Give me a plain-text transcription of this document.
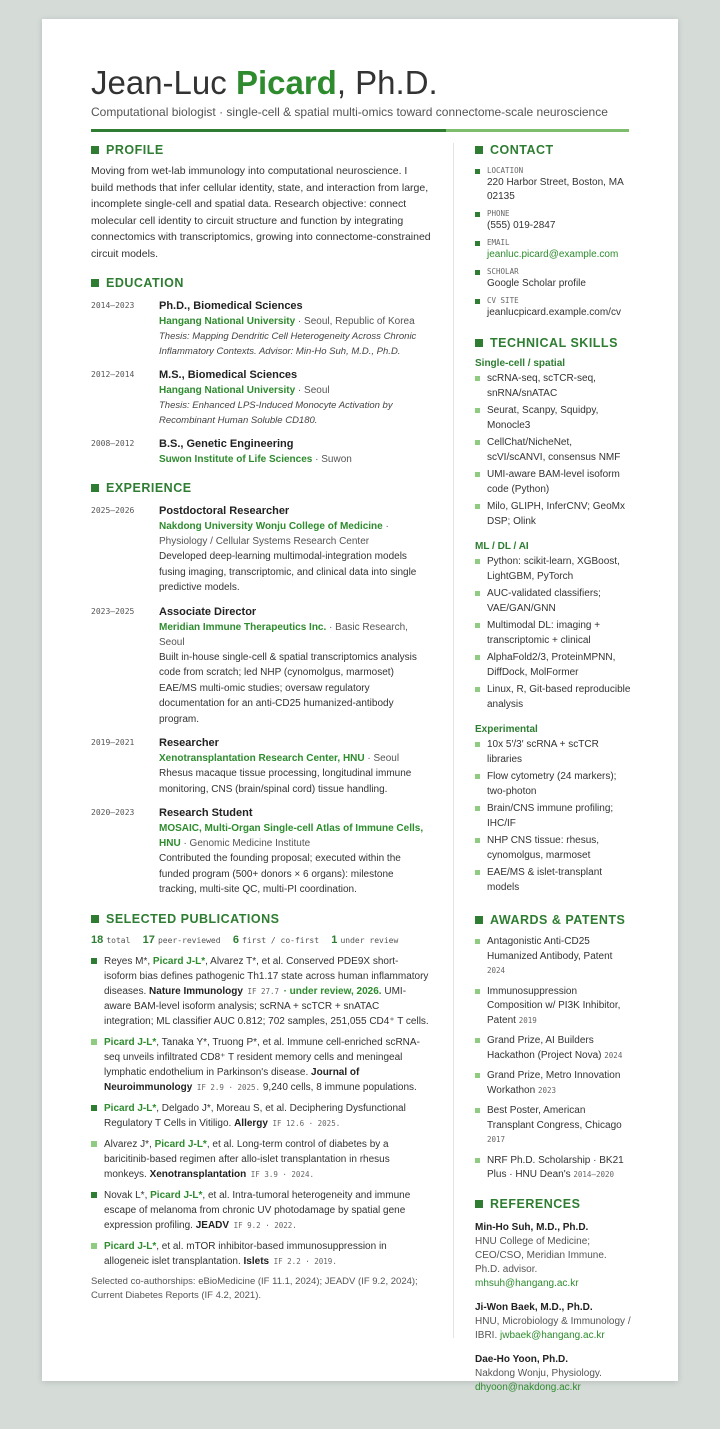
Jean-Luc Picard, Ph.D.
Computational biologist · single-cell & spatial multi-omics toward connectome-scale neuroscience
PROFILE
Moving from wet-lab immunology into computational neuroscience. I build methods that infer cellular identity, state, and interaction from large, incomplete single-cell and spatial data. Research objective: connect molecular cell identity to circuit structure and function by integrating connectomics with transcriptomics, growing into connectome-constrained circuit models.
EDUCATION
2014–2023	Ph.D., Biomedical Sciences
Hangang National University · Seoul, Republic of Korea
Thesis: Mapping Dendritic Cell Heterogeneity Across Chronic Inflammatory Contexts. Advisor: Min-Ho Suh, M.D., Ph.D.
2012–2014	M.S., Biomedical Sciences
Hangang National University · Seoul
Thesis: Enhanced LPS-Induced Monocyte Activation by Recombinant Human Soluble CD180.
2008–2012	B.S., Genetic Engineering
Suwon Institute of Life Sciences · Suwon
EXPERIENCE
2025–2026	Postdoctoral Researcher
Nakdong University Wonju College of Medicine · Physiology / Cellular Systems Research Center
Developed deep-learning multimodal-integration models fusing imaging, transcriptomic, and clinical data into single predictive models.
2023–2025	Associate Director
Meridian Immune Therapeutics Inc. · Basic Research, Seoul
Built in-house single-cell & spatial transcriptomics analysis code from scratch; led NHP (cynomolgus, marmoset) EAE/MS multi-omic studies; oversaw regulatory documentation for an anti-CD25 humanized-antibody program.
2019–2021	Researcher
Xenotransplantation Research Center, HNU · Seoul
Rhesus macaque tissue processing, longitudinal immune monitoring, CNS (brain/spinal cord) tissue handling.
2020–2023	Research Student
MOSAIC, Multi-Organ Single-cell Atlas of Immune Cells, HNU · Genomic Medicine Institute
Contributed the founding proposal; executed within the funded program (500+ donors × 6 organs): milestone tracking, multi-site QC, multi-PI coordination.
SELECTED PUBLICATIONS
18 total 17 peer-reviewed 6 first / co-first 1 under review
Reyes M*, Picard J-L*, Alvarez T*, et al. Conserved PDE9X short-isoform bias defines pathogenic Th1.17 state across human inflammatory diseases. Nature Immunology IF 27.7 · under review, 2026. UMI-aware BAM-level isoform analysis; scRNA + scTCR + snATAC integration; ML classifier AUC 0.812; 702 samples, 251,055 CD4⁺ T cells.
Picard J-L*, Tanaka Y*, Truong P*, et al. Immune cell-enriched scRNA-seq unveils infiltrated CD8⁺ T resident memory cells and meningeal lymphatic endothelium in Parkinson's disease. Journal of Neuroimmunology IF 2.9 · 2025. 9,240 cells, 8 immune populations.
Picard J-L*, Delgado J*, Moreau S, et al. Deciphering Dysfunctional Regulatory T Cells in Vitiligo. Allergy IF 12.6 · 2025.
Alvarez J*, Picard J-L*, et al. Long-term control of diabetes by a baricitinib-based regimen after allo-islet transplantation in rhesus monkeys. Xenotransplantation IF 3.9 · 2024.
Novak L*, Picard J-L*, et al. Intra-tumoral heterogeneity and immune escape of melanoma from chronic UV photodamage by spatial gene expression profiling. JEADV IF 9.2 · 2022.
Picard J-L*, et al. mTOR inhibitor-based immunosuppression in allogeneic islet transplantation. Islets IF 2.2 · 2019.
Selected co-authorships: eBioMedicine (IF 11.1, 2024); JEADV (IF 9.2, 2024); Current Diabetes Reports (IF 4.2, 2021).
CONTACT
LOCATION
220 Harbor Street, Boston, MA 02135
PHONE
(555) 019-2847
EMAIL
jeanluc.picard@example.com
SCHOLAR
Google Scholar profile
CV SITE
jeanlucpicard.example.com/cv
TECHNICAL SKILLS
Single-cell / spatial
scRNA-seq, scTCR-seq, snRNA/snATAC
Seurat, Scanpy, Squidpy, Monocle3
CellChat/NicheNet, scVI/scANVI, consensus NMF
UMI-aware BAM-level isoform code (Python)
Milo, GLIPH, InferCNV; GeoMx DSP; Olink
ML / DL / AI
Python: scikit-learn, XGBoost, LightGBM, PyTorch
AUC-validated classifiers; VAE/GAN/GNN
Multimodal DL: imaging + transcriptomic + clinical
AlphaFold2/3, ProteinMPNN, DiffDock, MolFormer
Linux, R, Git-based reproducible analysis
Experimental
10x 5′/3′ scRNA + scTCR libraries
Flow cytometry (24 markers); two-photon
Brain/CNS immune profiling; IHC/IF
NHP CNS tissue: rhesus, cynomolgus, marmoset
EAE/MS & islet-transplant models
AWARDS & PATENTS
Antagonistic Anti-CD25 Humanized Antibody, Patent 2024
Immunosuppression Composition w/ PI3K Inhibitor, Patent 2019
Grand Prize, AI Builders Hackathon (Project Nova) 2024
Grand Prize, Metro Innovation Workathon 2023
Best Poster, American Transplant Congress, Chicago 2017
NRF Ph.D. Scholarship · BK21 Plus · HNU Dean's 2014–2020
REFERENCES
Min-Ho Suh, M.D., Ph.D.
HNU College of Medicine; CEO/CSO, Meridian Immune. Ph.D. advisor. mhsuh@hangang.ac.kr
Ji-Won Baek, M.D., Ph.D.
HNU, Microbiology & Immunology / IBRI. jwbaek@hangang.ac.kr
Dae-Ho Yoon, Ph.D.
Nakdong Wonju, Physiology. dhyoon@nakdong.ac.kr
